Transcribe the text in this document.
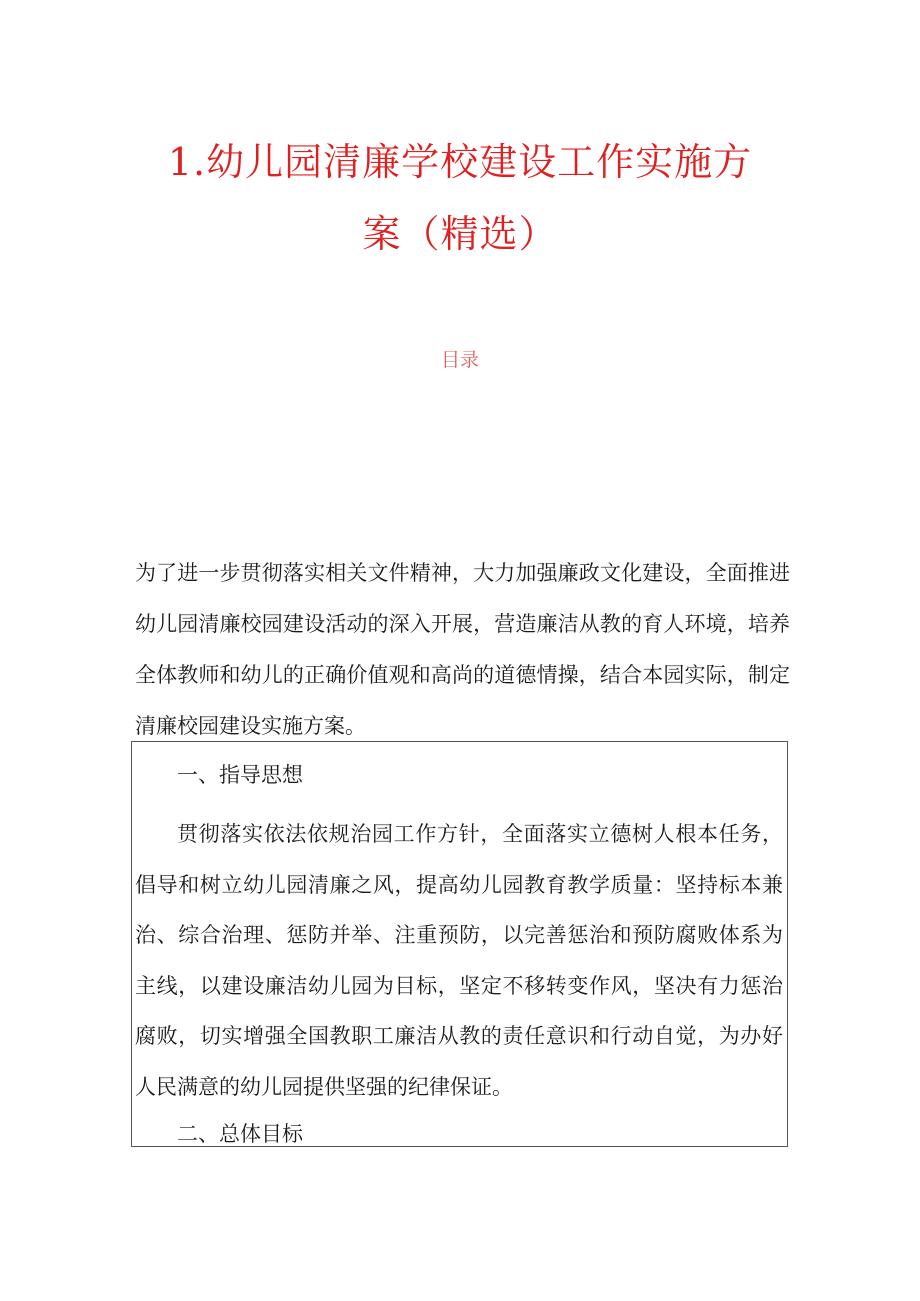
1.幼儿园清廉学校建设工作实施方
案（精选）
目录

为了进一步贯彻落实相关文件精神，大力加强廉政文化建设，全面推进幼儿园清廉校园建设活动的深入开展，营造廉洁从教的育人环境，培养全体教师和幼儿的正确价值观和高尚的道德情操，结合本园实际，制定清廉校园建设实施方案。

一、指导思想

贯彻落实依法依规治园工作方针，全面落实立德树人根本任务，倡导和树立幼儿园清廉之风，提高幼儿园教育教学质量：坚持标本兼治、综合治理、惩防并举、注重预防，以完善惩治和预防腐败体系为主线，以建设廉洁幼儿园为目标，坚定不移转变作风，坚决有力惩治腐败，切实增强全国教职工廉洁从教的责任意识和行动自觉，为办好人民满意的幼儿园提供坚强的纪律保证。

二、总体目标
